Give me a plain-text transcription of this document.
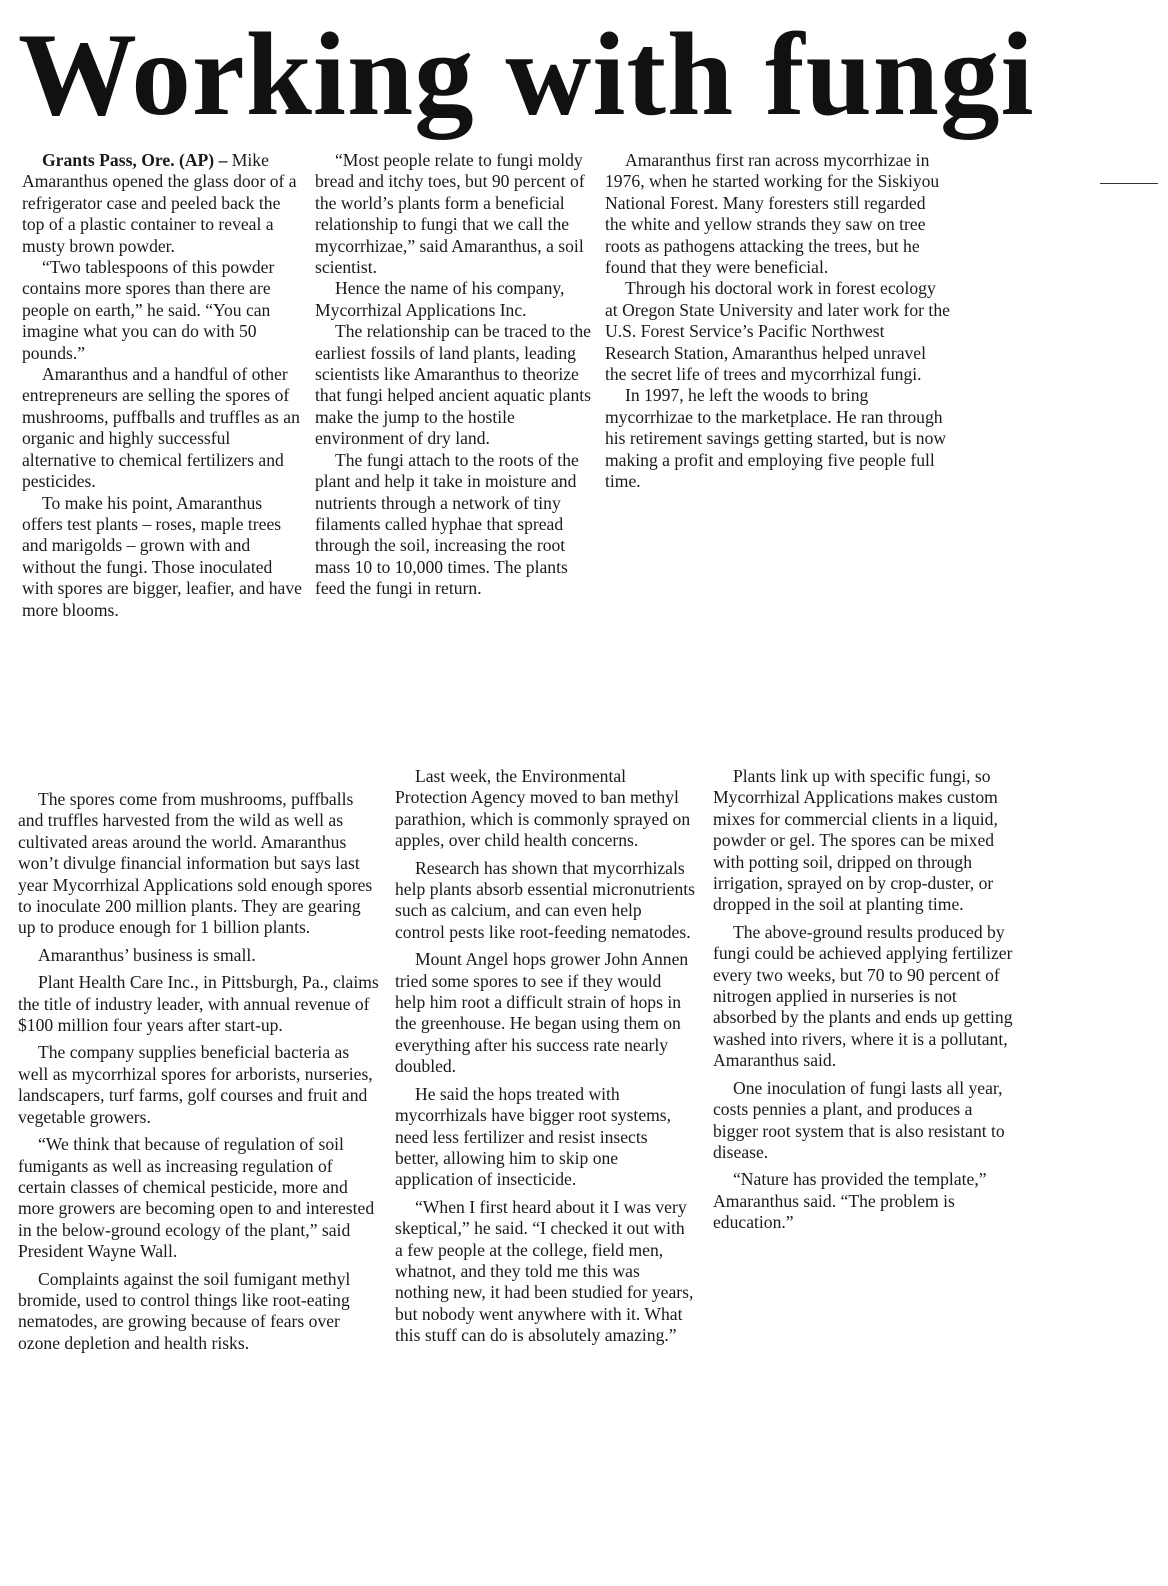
Working with fungi

Grants Pass, Ore. (AP) – Mike Amaranthus opened the glass door of a refrigerator case and peeled back the top of a plastic container to reveal a musty brown powder.

“Two tablespoons of this powder contains more spores than there are people on earth,” he said. “You can imagine what you can do with 50 pounds.”

Amaranthus and a handful of other entrepreneurs are selling the spores of mushrooms, puffballs and truffles as an organic and highly successful alternative to chemical fertilizers and pesticides.

To make his point, Amaranthus offers test plants – roses, maple trees and marigolds – grown with and without the fungi. Those inoculated with spores are bigger, leafier, and have more blooms.

“Most people relate to fungi moldy bread and itchy toes, but 90 percent of the world’s plants form a beneficial relationship to fungi that we call the mycorrhizae,” said Amaranthus, a soil scientist.

Hence the name of his company, Mycorrhizal Applications Inc.

The relationship can be traced to the earliest fossils of land plants, leading scientists like Amaranthus to theorize that fungi helped ancient aquatic plants make the jump to the hostile environment of dry land.

The fungi attach to the roots of the plant and help it take in moisture and nutrients through a network of tiny filaments called hyphae that spread through the soil, increasing the root mass 10 to 10,000 times. The plants feed the fungi in return.

Amaranthus first ran across mycorrhizae in 1976, when he started working for the Siskiyou National Forest. Many foresters still regarded the white and yellow strands they saw on tree roots as pathogens attacking the trees, but he found that they were beneficial.

Through his doctoral work in forest ecology at Oregon State University and later work for the U.S. Forest Service’s Pacific Northwest Research Station, Amaranthus helped unravel the secret life of trees and mycorrhizal fungi.

In 1997, he left the woods to bring mycorrhizae to the marketplace. He ran through his retirement savings getting started, but is now making a profit and employing five people full time.

The spores come from mushrooms, puffballs and truffles harvested from the wild as well as cultivated areas around the world. Amaranthus won’t divulge financial information but says last year Mycorrhizal Applications sold enough spores to inoculate 200 million plants. They are gearing up to produce enough for 1 billion plants.

Amaranthus’ business is small.

Plant Health Care Inc., in Pittsburgh, Pa., claims the title of industry leader, with annual revenue of $100 million four years after start-up.

The company supplies beneficial bacteria as well as mycorrhizal spores for arborists, nurseries, landscapers, turf farms, golf courses and fruit and vegetable growers.

“We think that because of regulation of soil fumigants as well as increasing regulation of certain classes of chemical pesticide, more and more growers are becoming open to and interested in the below-ground ecology of the plant,” said President Wayne Wall.

Complaints against the soil fumigant methyl bromide, used to control things like root-eating nematodes, are growing because of fears over ozone depletion and health risks.

Last week, the Environmental Protection Agency moved to ban methyl parathion, which is commonly sprayed on apples, over child health concerns.

Research has shown that mycorrhizals help plants absorb essential micronutrients such as calcium, and can even help control pests like root-feeding nematodes.

Mount Angel hops grower John Annen tried some spores to see if they would help him root a difficult strain of hops in the greenhouse. He began using them on everything after his success rate nearly doubled.

He said the hops treated with mycorrhizals have bigger root systems, need less fertilizer and resist insects better, allowing him to skip one application of insecticide.

“When I first heard about it I was very skeptical,” he said. “I checked it out with a few people at the college, field men, whatnot, and they told me this was nothing new, it had been studied for years, but nobody went anywhere with it. What this stuff can do is absolutely amazing.”

Plants link up with specific fungi, so Mycorrhizal Applications makes custom mixes for commercial clients in a liquid, powder or gel. The spores can be mixed with potting soil, dripped on through irrigation, sprayed on by crop-duster, or dropped in the soil at planting time.

The above-ground results produced by fungi could be achieved applying fertilizer every two weeks, but 70 to 90 percent of nitrogen applied in nurseries is not absorbed by the plants and ends up getting washed into rivers, where it is a pollutant, Amaranthus said.

One inoculation of fungi lasts all year, costs pennies a plant, and produces a bigger root system that is also resistant to disease.

“Nature has provided the template,” Amaranthus said. “The problem is education.”
